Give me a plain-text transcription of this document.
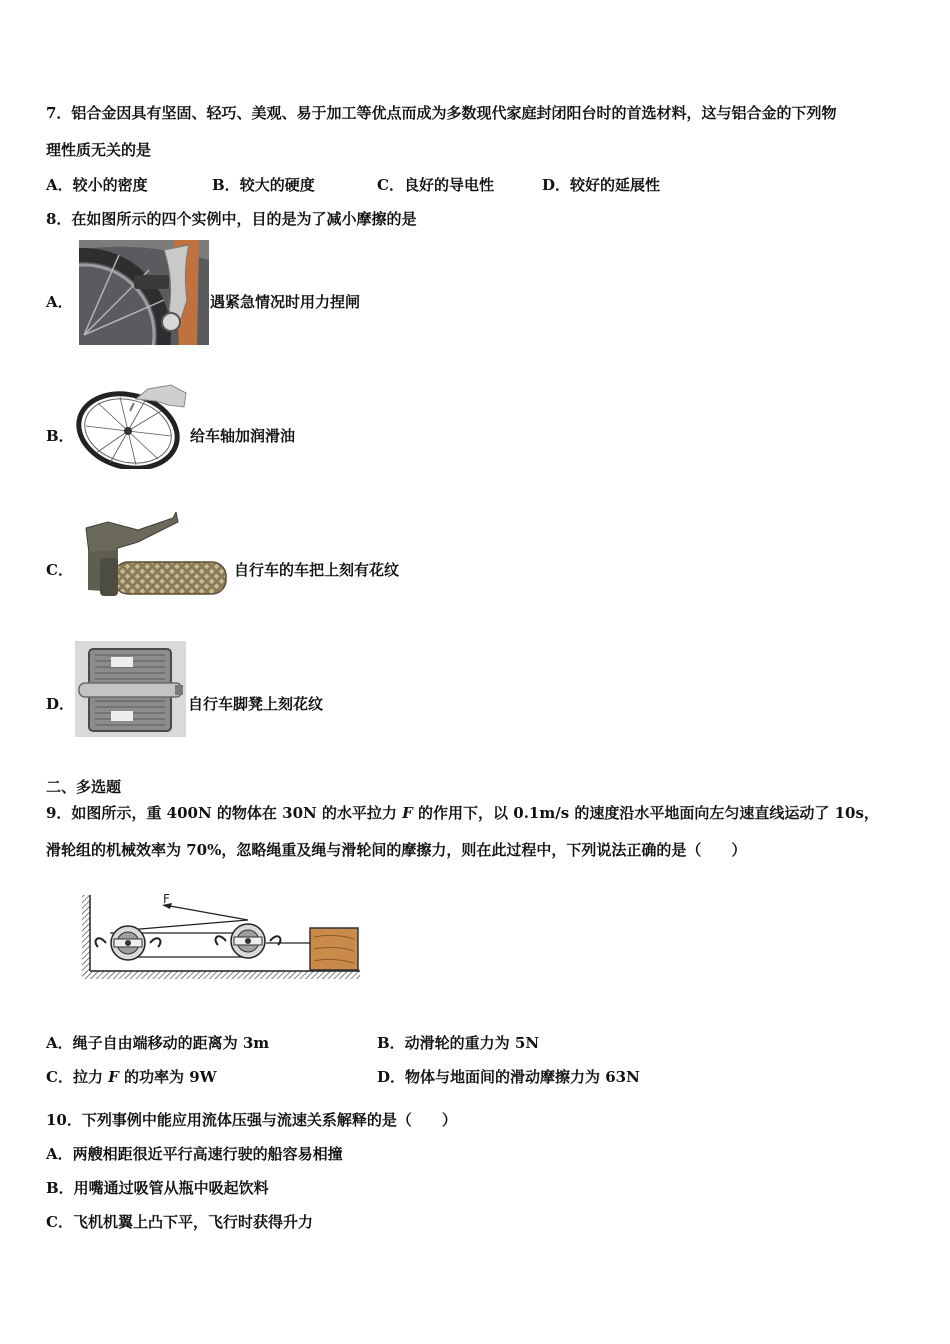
7．铝合金因具有坚固、轻巧、美观、易于加工等优点而成为多数现代家庭封闭阳台时的首选材料，这与铝合金的下列物
理性质无关的是
A．较小的密度	B．较大的硬度	C．良好的导电性	D．较好的延展性
8．在如图所示的四个实例中，目的是为了减小摩擦的是
A．	遇紧急情况时用力捏闸
B．	给车轴加润滑油
C．	自行车的车把上刻有花纹
D．	自行车脚凳上刻花纹
二、多选题
9．如图所示，重 400N 的物体在 30N 的水平拉力 F 的作用下，以 0.1m/s 的速度沿水平地面向左匀速直线运动了 10s，
滑轮组的机械效率为 70%，忽略绳重及绳与滑轮间的摩擦力，则在此过程中，下列说法正确的是（　　）
F
A．绳子自由端移动的距离为 3m	B．动滑轮的重力为 5N
C．拉力 F 的功率为 9W	D．物体与地面间的滑动摩擦力为 63N
10．下列事例中能应用流体压强与流速关系解释的是（　　）
A．两艘相距很近平行高速行驶的船容易相撞
B．用嘴通过吸管从瓶中吸起饮料
C．飞机机翼上凸下平，飞行时获得升力
